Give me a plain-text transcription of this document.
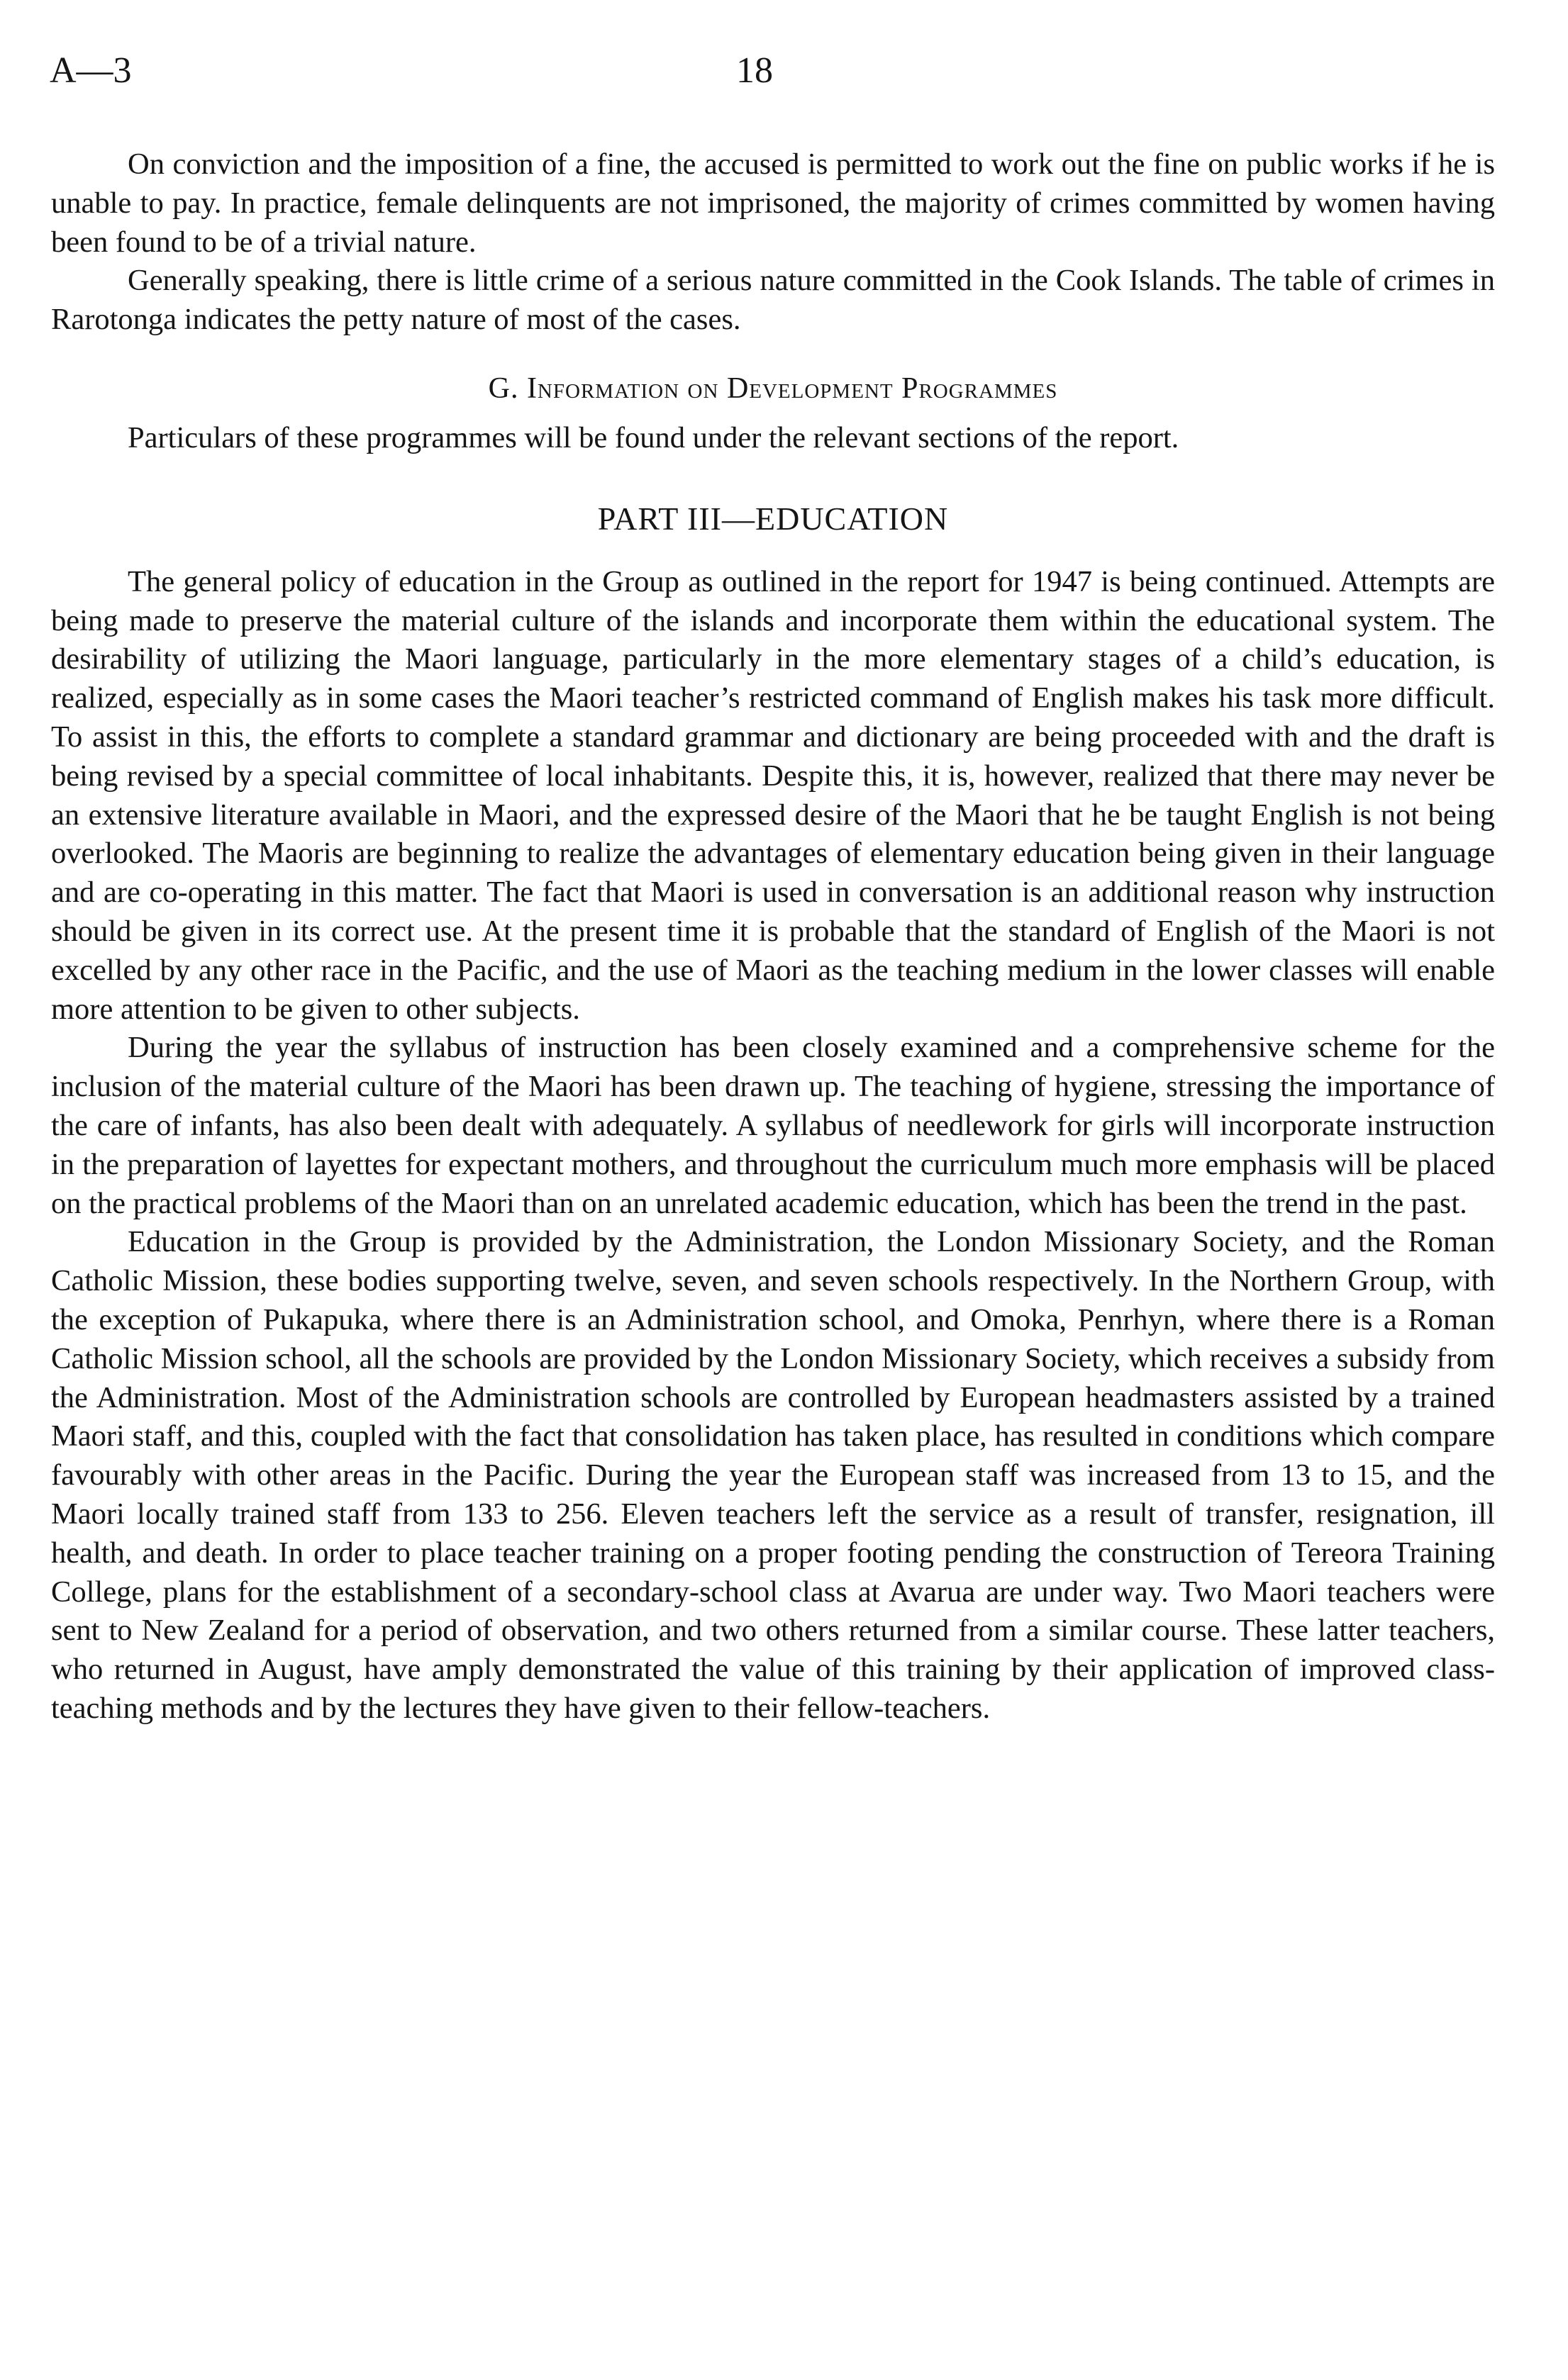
A—3	18

On conviction and the imposition of a fine, the accused is permitted to work out the fine on public works if he is unable to pay. In practice, female delinquents are not imprisoned, the majority of crimes committed by women having been found to be of a trivial nature.

Generally speaking, there is little crime of a serious nature committed in the Cook Islands. The table of crimes in Rarotonga indicates the petty nature of most of the cases.

G. Information on Development Programmes

Particulars of these programmes will be found under the relevant sections of the report.

PART III—EDUCATION

The general policy of education in the Group as outlined in the report for 1947 is being continued. Attempts are being made to preserve the material culture of the islands and incorporate them within the educational system. The desirability of utilizing the Maori language, particularly in the more elementary stages of a child’s education, is realized, especially as in some cases the Maori teacher’s restricted command of English makes his task more difficult. To assist in this, the efforts to complete a standard grammar and dictionary are being proceeded with and the draft is being revised by a special committee of local inhabitants. Despite this, it is, however, realized that there may never be an extensive literature available in Maori, and the expressed desire of the Maori that he be taught English is not being overlooked. The Maoris are beginning to realize the advantages of elementary education being given in their language and are co-operating in this matter. The fact that Maori is used in conversation is an additional reason why instruction should be given in its correct use. At the present time it is probable that the standard of English of the Maori is not excelled by any other race in the Pacific, and the use of Maori as the teaching medium in the lower classes will enable more attention to be given to other subjects.

During the year the syllabus of instruction has been closely examined and a comprehensive scheme for the inclusion of the material culture of the Maori has been drawn up. The teaching of hygiene, stressing the importance of the care of infants, has also been dealt with adequately. A syllabus of needlework for girls will incorporate instruction in the preparation of layettes for expectant mothers, and throughout the curriculum much more emphasis will be placed on the practical problems of the Maori than on an unrelated academic education, which has been the trend in the past.

Education in the Group is provided by the Administration, the London Missionary Society, and the Roman Catholic Mission, these bodies supporting twelve, seven, and seven schools respectively. In the Northern Group, with the exception of Pukapuka, where there is an Administration school, and Omoka, Penrhyn, where there is a Roman Catholic Mission school, all the schools are provided by the London Missionary Society, which receives a subsidy from the Administration. Most of the Administration schools are controlled by European headmasters assisted by a trained Maori staff, and this, coupled with the fact that consolidation has taken place, has resulted in conditions which compare favourably with other areas in the Pacific. During the year the European staff was increased from 13 to 15, and the Maori locally trained staff from 133 to 256. Eleven teachers left the service as a result of transfer, resignation, ill health, and death. In order to place teacher training on a proper footing pending the construction of Tereora Training College, plans for the establishment of a secondary-school class at Avarua are under way. Two Maori teachers were sent to New Zealand for a period of observation, and two others returned from a similar course. These latter teachers, who returned in August, have amply demonstrated the value of this training by their application of improved class-teaching methods and by the lectures they have given to their fellow-teachers.
